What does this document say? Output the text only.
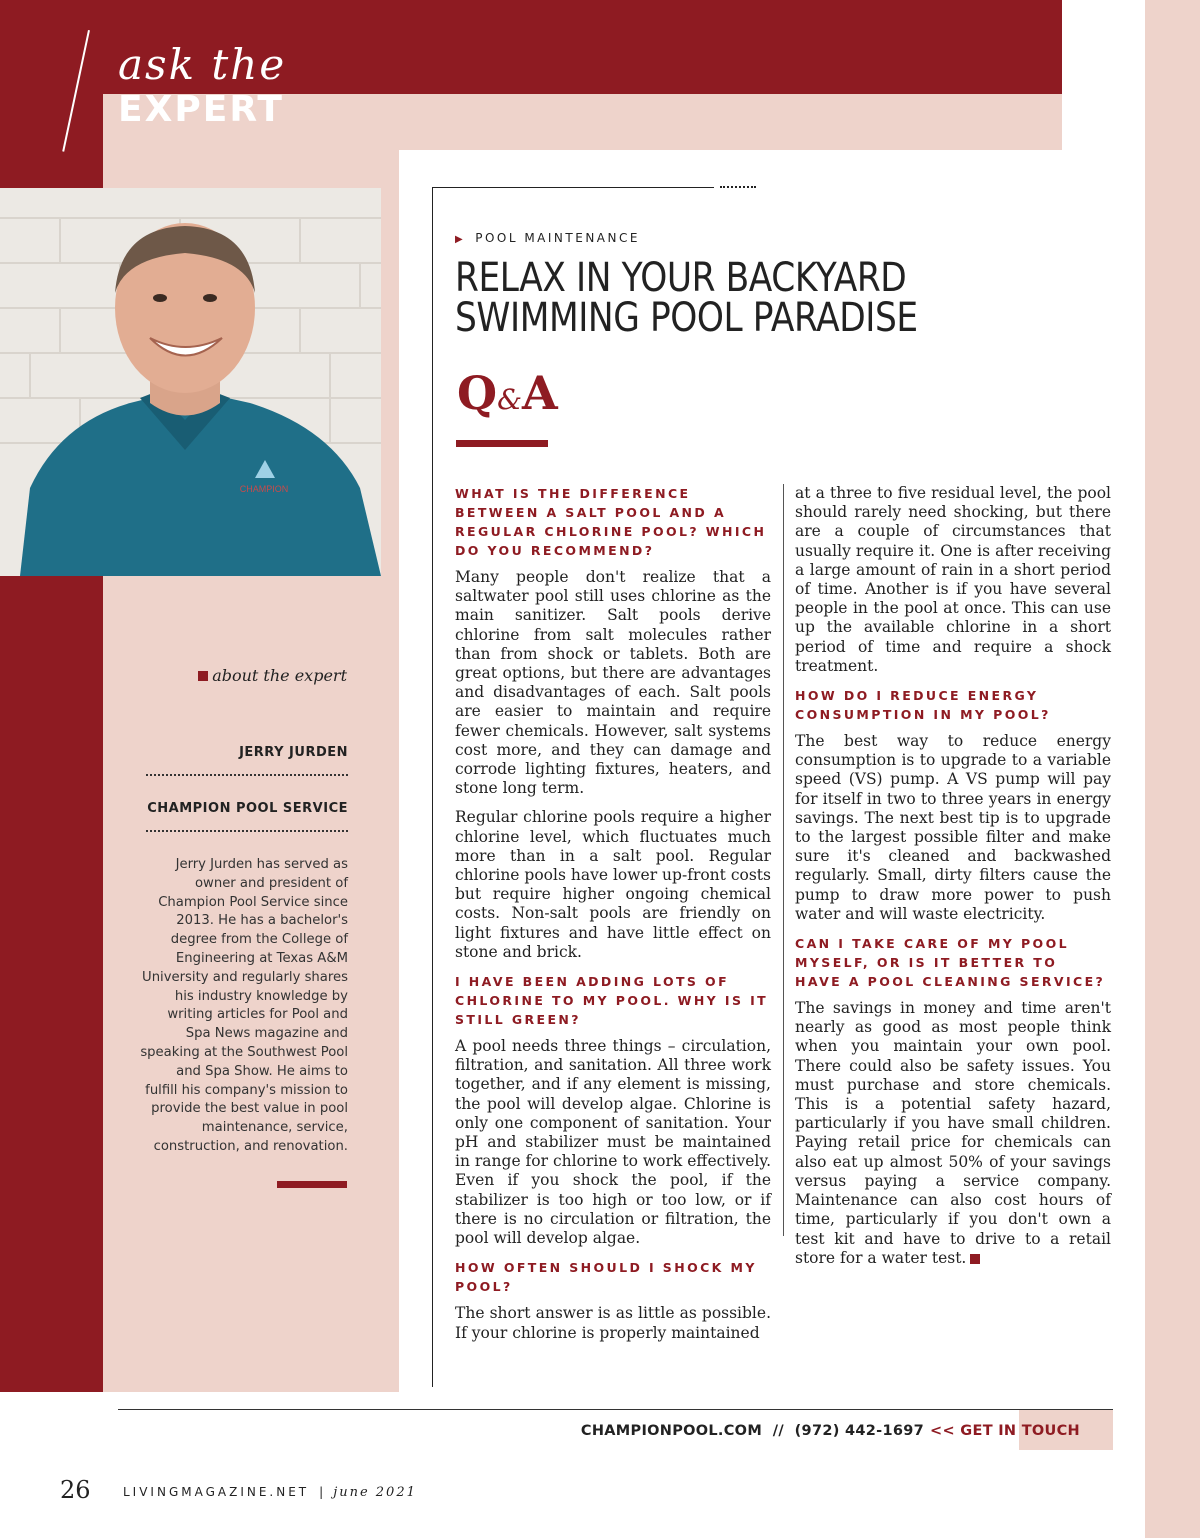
ask the
EXPERT
CHAMPION
about the expert
JERRY JURDEN
CHAMPION POOL SERVICE
Jerry Jurden has served as owner and president of Champion Pool Service since 2013. He has a bachelor's degree from the College of Engineering at Texas A&M University and regularly shares his industry knowledge by writing articles for Pool and Spa News magazine and speaking at the Southwest Pool and Spa Show. He aims to fulfill his company's mission to provide the best value in pool maintenance, service, construction, and renovation.
▶ POOL MAINTENANCE
RELAX IN YOUR BACKYARD
SWIMMING POOL PARADISE
Q&A

WHAT IS THE DIFFERENCE BETWEEN A SALT POOL AND A REGULAR CHLORINE POOL? WHICH DO YOU RECOMMEND?

Many people don't realize that a saltwater pool still uses chlorine as the main sanitizer. Salt pools derive chlorine from salt molecules rather than from shock or tablets. Both are great options, but there are advantages and disadvantages of each. Salt pools are easier to maintain and require fewer chemicals. However, salt systems cost more, and they can damage and corrode lighting fixtures, heaters, and stone long term.

Regular chlorine pools require a higher chlorine level, which fluctuates much more than in a salt pool. Regular chlorine pools have lower up-front costs but require higher ongoing chemical costs. Non-salt pools are friendly on light fixtures and have little effect on stone and brick.

I HAVE BEEN ADDING LOTS OF CHLORINE TO MY POOL. WHY IS IT STILL GREEN?

A pool needs three things – circulation, filtration, and sanitation. All three work together, and if any element is missing, the pool will develop algae. Chlorine is only one component of sanitation. Your pH and stabilizer must be maintained in range for chlorine to work effectively. Even if you shock the pool, if the stabilizer is too high or too low, or if there is no circulation or filtration, the pool will develop algae.

HOW OFTEN SHOULD I SHOCK MY POOL?

The short answer is as little as possible. If your chlorine is properly maintained

at a three to five residual level, the pool should rarely need shocking, but there are a couple of circumstances that usually require it. One is after receiving a large amount of rain in a short period of time. Another is if you have several people in the pool at once. This can use up the available chlorine in a short period of time and require a shock treatment.

HOW DO I REDUCE ENERGY CONSUMPTION IN MY POOL?

The best way to reduce energy consumption is to upgrade to a variable speed (VS) pump. A VS pump will pay for itself in two to three years in energy savings. The next best tip is to upgrade to the largest possible filter and make sure it's cleaned and backwashed regularly. Small, dirty filters cause the pump to draw more power to push water and will waste electricity.

CAN I TAKE CARE OF MY POOL MYSELF, OR IS IT BETTER TO HAVE A POOL CLEANING SERVICE?

The savings in money and time aren't nearly as good as most people think when you maintain your own pool. There could also be safety issues. You must purchase and store chemicals. This is a potential safety hazard, particularly if you have small children. Paying retail price for chemicals can also eat up almost 50% of your savings versus paying a service company. Maintenance can also cost hours of time, particularly if you don't own a test kit and have to drive to a retail store for a water test.

CHAMPIONPOOL.COM  //  (972) 442-1697 << GET IN TOUCH
26	LIVINGMAGAZINE.NET | june 2021
